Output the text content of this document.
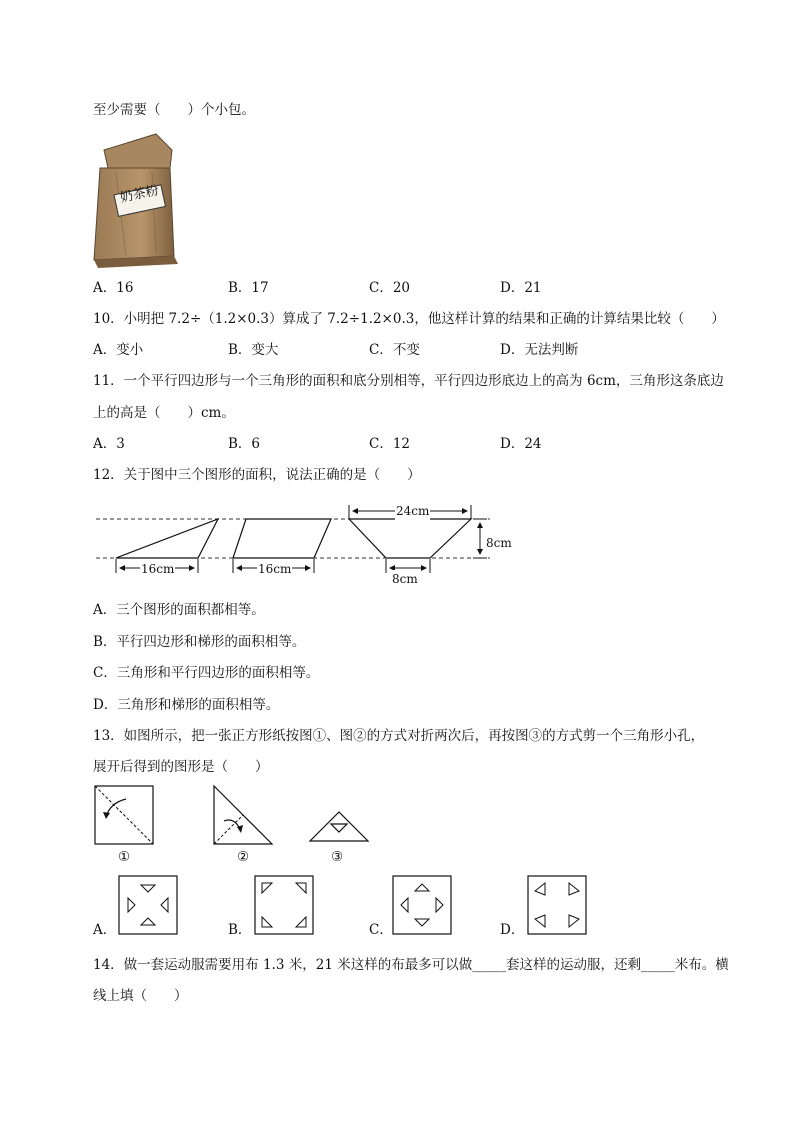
至少需要（　　）个小包。
奶茶粉
A．16	B．17	C．20	D．21
10．小明把 7.2÷（1.2×0.3）算成了 7.2÷1.2×0.3，他这样计算的结果和正确的计算结果比较（　　）
A．变小	B．变大	C．不变	D．无法判断
11．一个平行四边形与一个三角形的面积和底分别相等，平行四边形底边上的高为 6cm，三角形这条底边
上的高是（　　）cm。
A．3	B．6	C．12	D．24
12．关于图中三个图形的面积，说法正确的是（　　）
16cm	16cm
24cm
8cm
8cm
A．三个图形的面积都相等。
B．平行四边形和梯形的面积相等。
C．三角形和平行四边形的面积相等。
D．三角形和梯形的面积相等。
13．如图所示，把一张正方形纸按图①、图②的方式对折两次后，再按图③的方式剪一个三角形小孔，
展开后得到的图形是（　　）
①	②	③
A．	B．	C．	D．
14．做一套运动服需要用布 1.3 米，21 米这样的布最多可以做_____套这样的运动服，还剩_____米布。横
线上填（　　）
